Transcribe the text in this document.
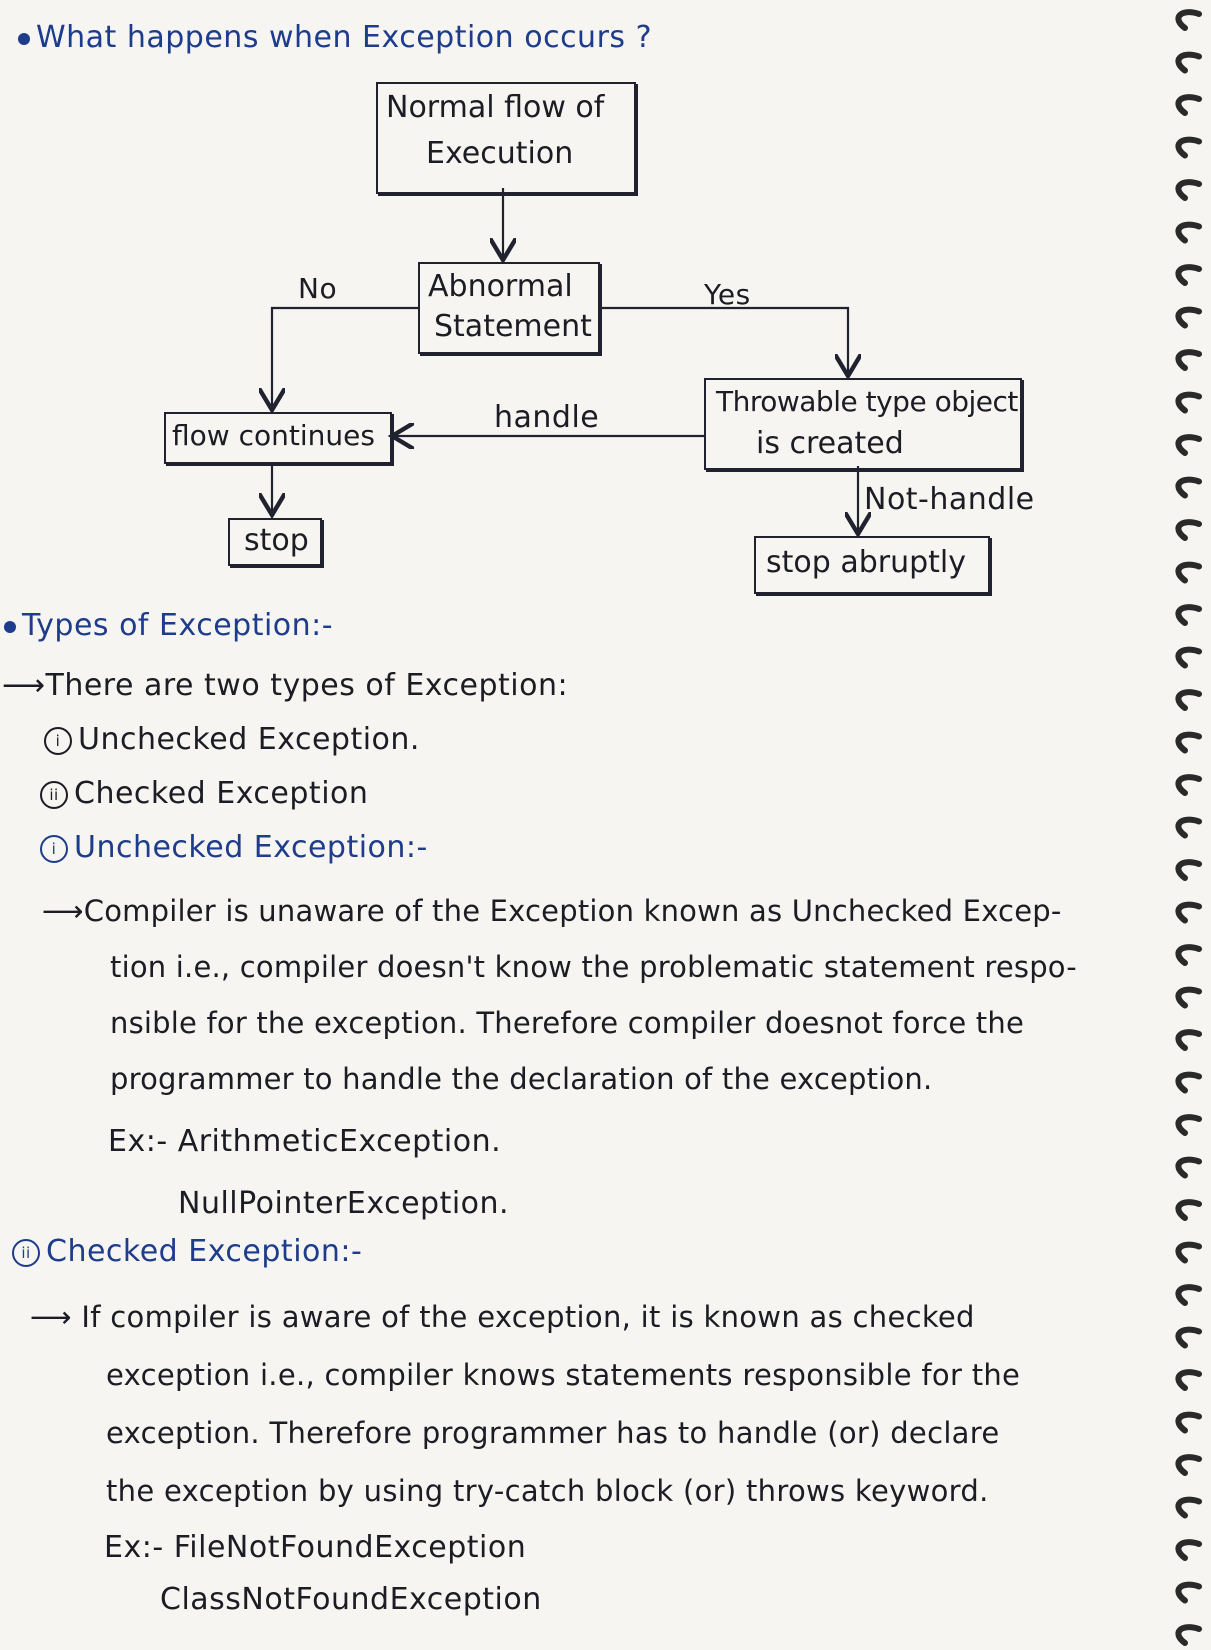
What happens when Exception occurs ?
Normal flow of
Execution
Abnormal
Statement
No	Yes
Throwable type object
is created
handle
flow continues
Not-handle
stop
stop abruptly
Types of Exception:-
⟶There are two types of Exception:
i Unchecked Exception.
ii Checked Exception
i Unchecked Exception:-
⟶Compiler is unaware of the Exception known as Unchecked Excep-
tion i.e., compiler doesn't know the problematic statement respo-
nsible for the exception. Therefore compiler doesnot force the
programmer to handle the declaration of the exception.
Ex:- ArithmeticException.
NullPointerException.
ii Checked Exception:-
⟶ If compiler is aware of the exception, it is known as checked
exception i.e., compiler knows statements responsible for the
exception. Therefore programmer has to handle (or) declare
the exception by using try-catch block (or) throws keyword.
Ex:- FileNotFoundException
ClassNotFoundException
